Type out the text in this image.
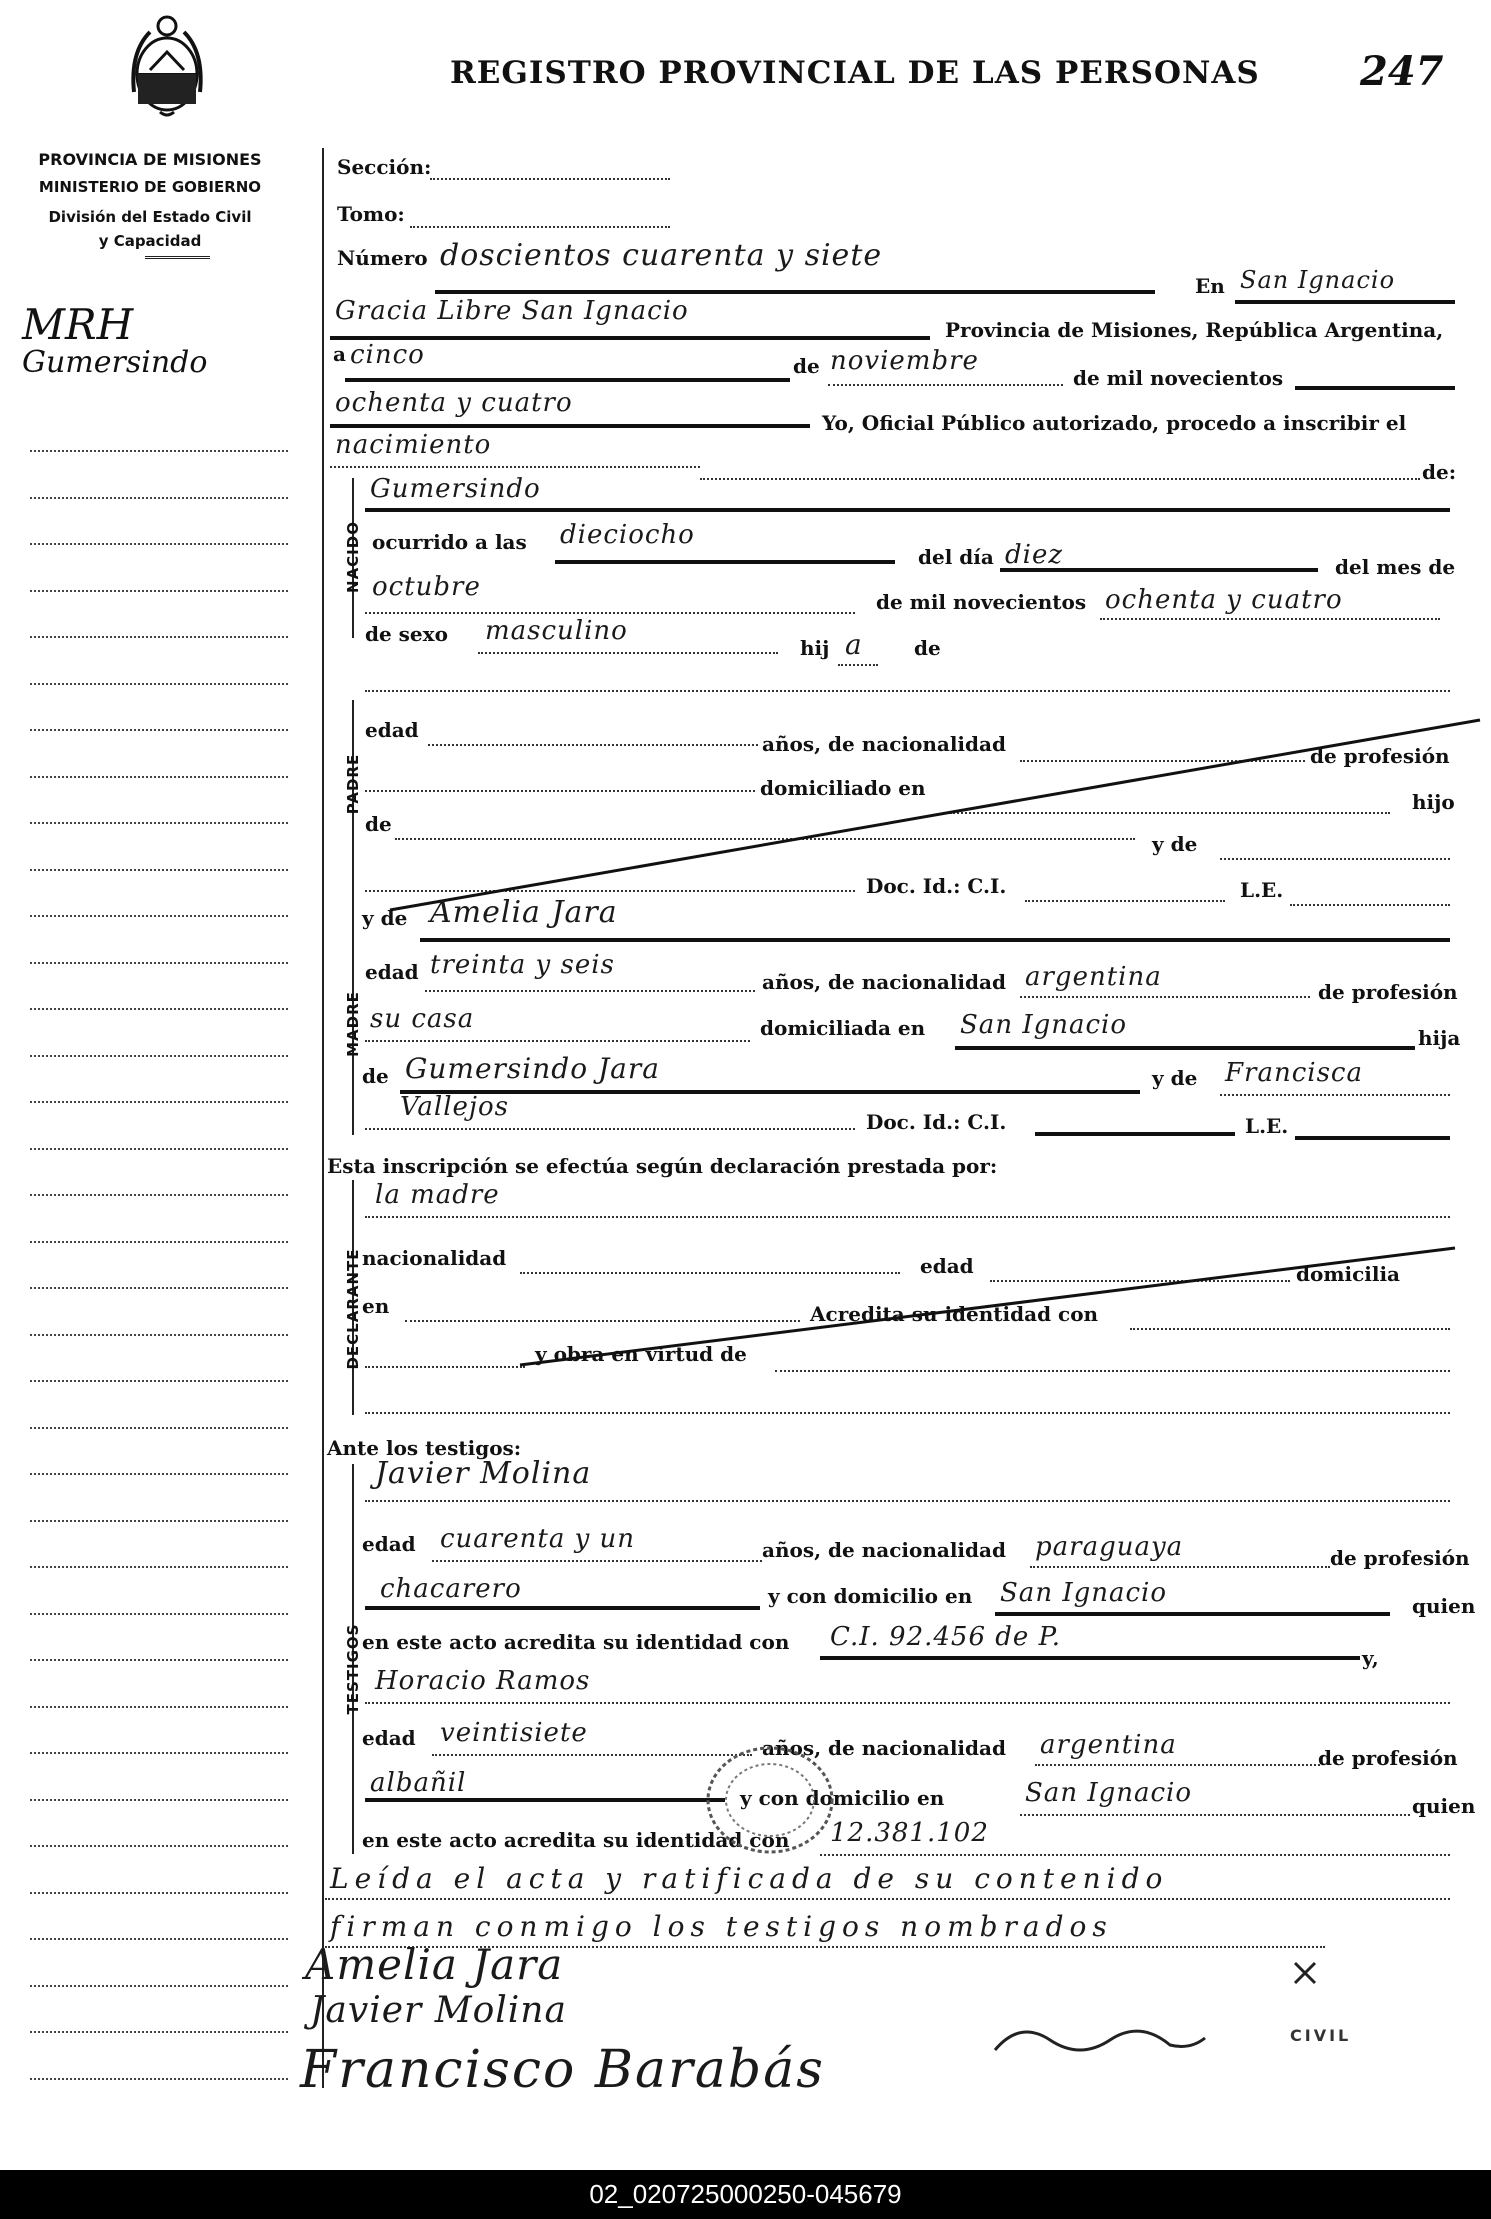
PROVINCIA DE MISIONES
MINISTERIO DE GOBIERNO
División del Estado Civil
y Capacidad
REGISTRO PROVINCIAL DE LAS PERSONAS	247
MRH
Gumersindo
Sección:
Tomo:
Número doscientos cuarenta y siete
En San Ignacio
Gracia Libre San Ignacio
Provincia de Misiones, República Argentina,
a cinco	de noviembre
de mil novecientos
ochenta y cuatro
Yo, Oficial Público autorizado, procedo a inscribir el
nacimiento
de:
NACIDO
Gumersindo
ocurrido a las dieciocho
del día diez	del mes de
octubre	de mil novecientos ochenta y cuatro
de sexo masculino
hij a	de
PADRE
edad
años, de nacionalidad	de profesión
domiciliado en
hijo
de
y de
Doc. Id.: C.I.	L.E.
MADRE
y de Amelia Jara
edad treinta y seis
años, de nacionalidad argentina	de profesión
su casa	domiciliada en San Ignacio	hija
de Gumersindo Jara	y de Francisca
Vallejos	Doc. Id.: C.I.	L.E.
Esta inscripción se efectúa según declaración prestada por:
DECLARANTE
la madre
nacionalidad	edad	domicilia
en	Acredita su identidad con
y obra en virtud de
Ante los testigos:
TESTIGOS
Javier Molina
edad cuarenta y un	años, de nacionalidad paraguaya	de profesión
chacarero	y con domicilio en San Ignacio	quien
en este acto acredita su identidad con C.I. 92.456 de P.
y,
Horacio Ramos
edad veintisiete	años, de nacionalidad argentina	de profesión
albañil	y con domicilio en	San Ignacio	quien
en este acto acredita su identidad con 12.381.102
Leída el acta y ratificada de su contenido
firman conmigo los testigos nombrados
Amelia Jara
Javier Molina
Francisco Barabás
CIVIL
02_020725000250-045679
